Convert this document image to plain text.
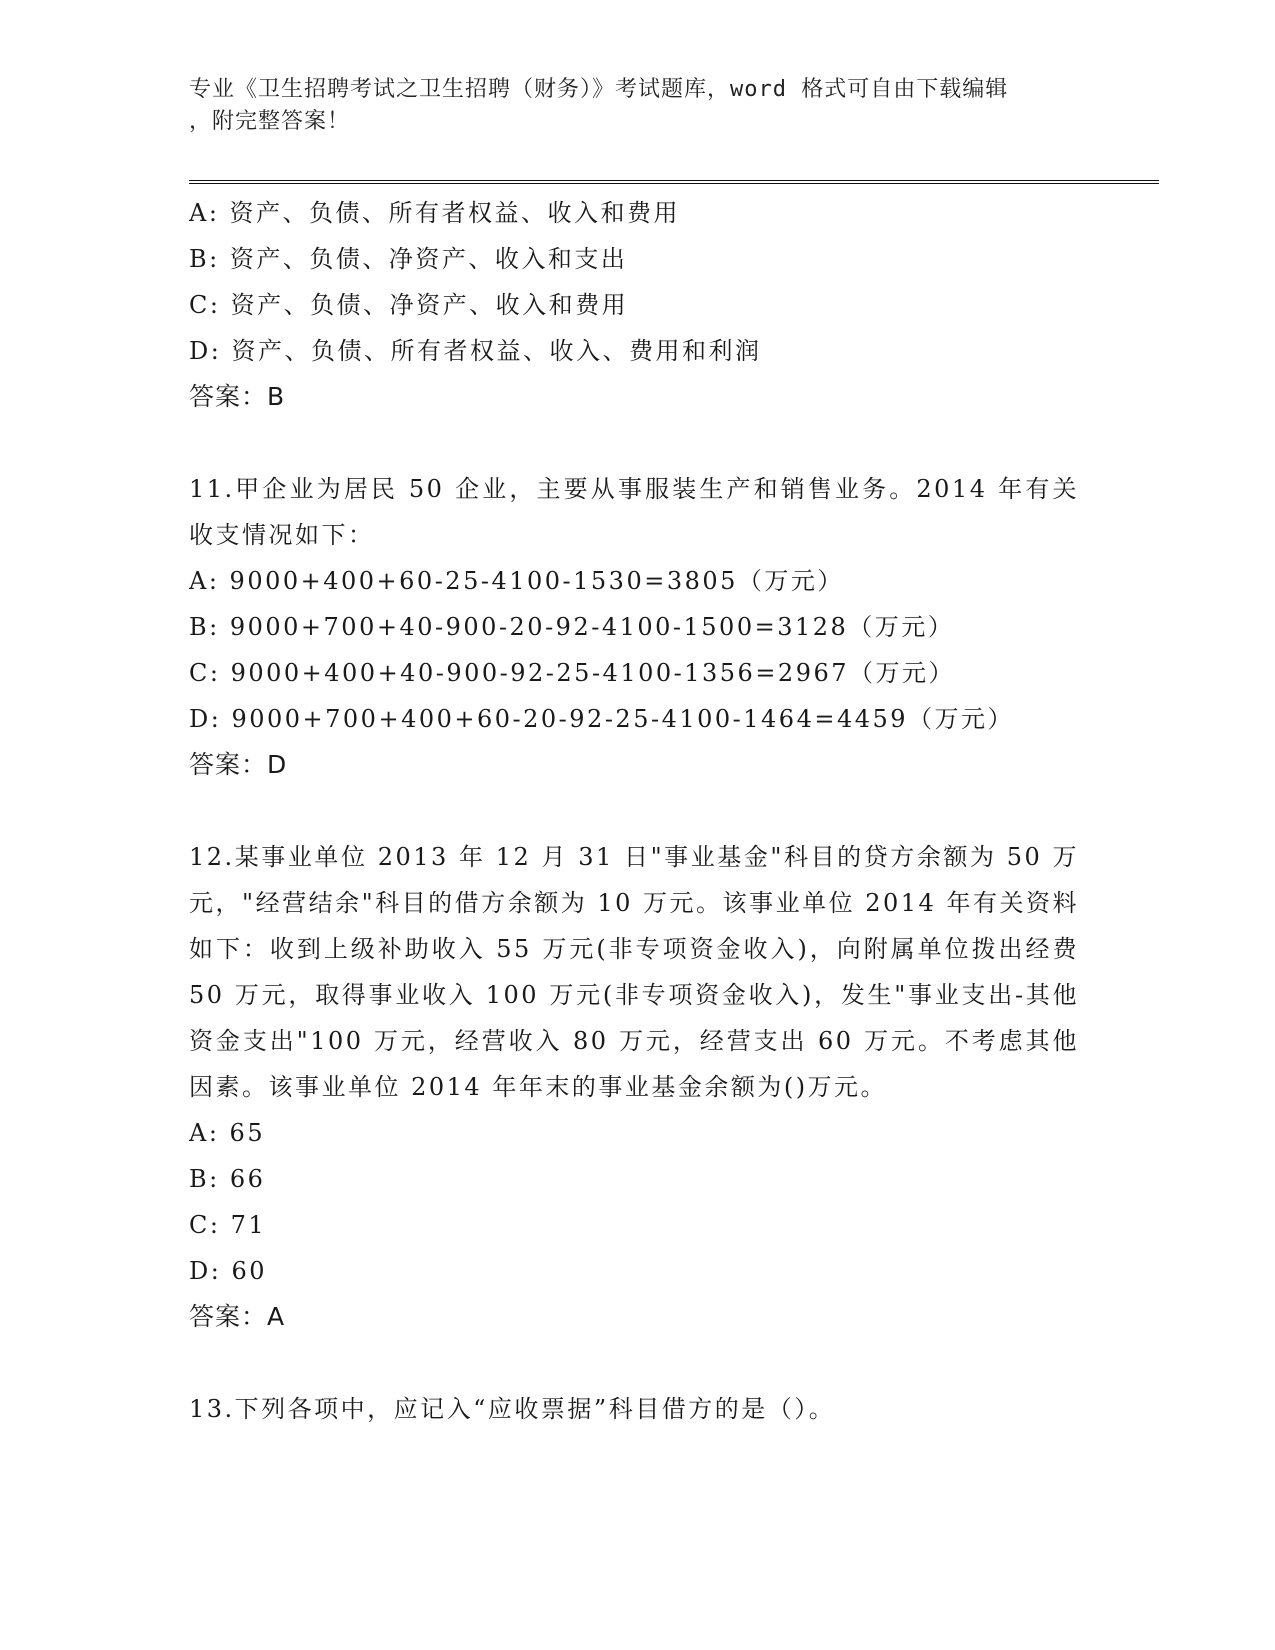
专业《卫生招聘考试之卫生招聘（财务）》考试题库，word 格式可自由下载编辑
，附完整答案！
A: 资产、负债、所有者权益、收入和费用
B: 资产、负债、净资产、收入和支出
C: 资产、负债、净资产、收入和费用
D: 资产、负债、所有者权益、收入、费用和利润
答案：B
11.甲企业为居民 50 企业，主要从事服装生产和销售业务。2014 年有关收支情况如下：
A: 9000+400+60-25-4100-1530=3805（万元）
B: 9000+700+40-900-20-92-4100-1500=3128（万元）
C: 9000+400+40-900-92-25-4100-1356=2967（万元）
D: 9000+700+400+60-20-92-25-4100-1464=4459（万元）
答案：D
12.某事业单位 2013 年 12 月 31 日"事业基金"科目的贷方余额为 50 万元，"经营结余"科目的借方余额为 10 万元。该事业单位 2014 年有关资料如下：收到上级补助收入 55 万元(非专项资金收入)，向附属单位拨出经费 50 万元，取得事业收入 100 万元(非专项资金收入)，发生"事业支出-其他资金支出"100 万元，经营收入 80 万元，经营支出 60 万元。不考虑其他因素。该事业单位 2014 年年末的事业基金余额为()万元。
A: 65
B: 66
C: 71
D: 60
答案：A
13.下列各项中，应记入“应收票据”科目借方的是（）。
